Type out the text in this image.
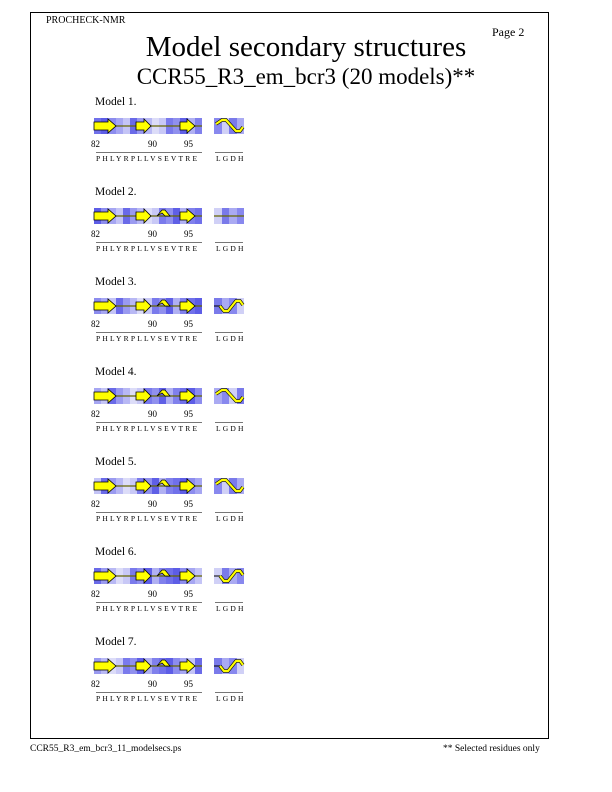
PROCHECK-NMR
Page 2
Model secondary structures
CCR55_R3_em_bcr3 (20 models)**
Model 1.
82	90	95
PHLYRPLLVSEVTRE LGDH
Model 2.
82	90	95
PHLYRPLLVSEVTRE LGDH
Model 3.
82	90	95
PHLYRPLLVSEVTRE LGDH
Model 4.
82	90	95
PHLYRPLLVSEVTRE LGDH
Model 5.
82	90	95
PHLYRPLLVSEVTRE LGDH
Model 6.
82	90	95
PHLYRPLLVSEVTRE LGDH
Model 7.
82	90	95
PHLYRPLLVSEVTRE LGDH
CCR55_R3_em_bcr3_11_modelsecs.ps	** Selected residues only
